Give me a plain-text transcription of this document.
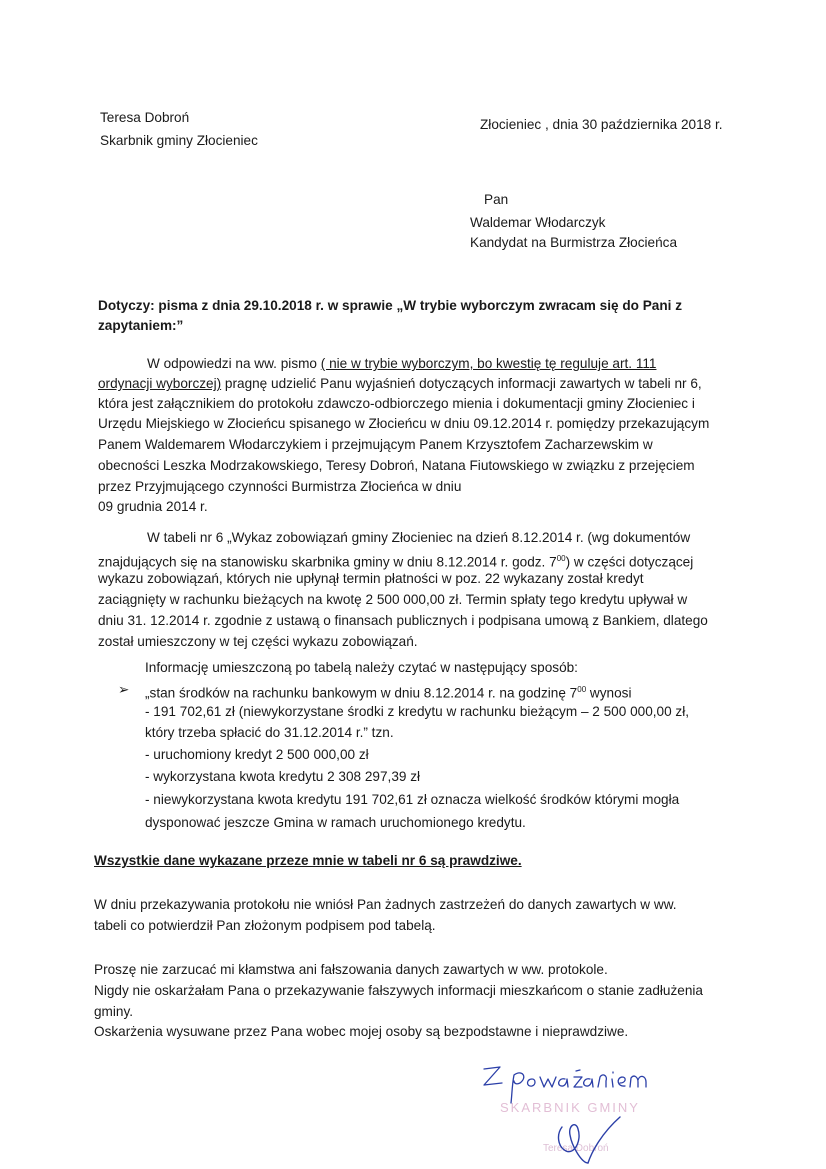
Teresa Dobroń
Skarbnik gminy Złocieniec
Złocieniec , dnia 30 października 2018 r.
Pan
Waldemar Włodarczyk
Kandydat na Burmistrza Złocieńca
Dotyczy: pisma z dnia 29.10.2018 r. w sprawie „W trybie wyborczym zwracam się do Pani z
zapytaniem:”
W odpowiedzi na ww. pismo ( nie w trybie wyborczym, bo kwestię tę reguluje art. 111
ordynacji wyborczej) pragnę udzielić Panu wyjaśnień dotyczących informacji zawartych w tabeli nr 6,
która jest załącznikiem do protokołu zdawczo-odbiorczego mienia i dokumentacji gminy Złocieniec i
Urzędu Miejskiego w Złocieńcu spisanego w Złocieńcu w dniu 09.12.2014 r. pomiędzy przekazującym
Panem Waldemarem Włodarczykiem i przejmującym Panem Krzysztofem Zacharzewskim w
obecności Leszka Modrzakowskiego, Teresy Dobroń, Natana Fiutowskiego w związku z przejęciem
przez Przyjmującego czynności Burmistrza Złocieńca w dniu
09 grudnia 2014 r.
W tabeli nr 6 „Wykaz zobowiązań gminy Złocieniec na dzień 8.12.2014 r. (wg dokumentów
znajdujących się na stanowisku skarbnika gminy w dniu 8.12.2014 r. godz. $7^{00}$) w części dotyczącej
wykazu zobowiązań, których nie upłynął termin płatności w poz. 22 wykazany został kredyt
zaciągnięty w rachunku bieżących na kwotę 2 500 000,00 zł. Termin spłaty tego kredytu upływał w
dniu 31. 12.2014 r. zgodnie z ustawą o finansach publicznych i podpisana umową z Bankiem, dlatego
został umieszczony w tej części wykazu zobowiązań.
Informację umieszczoną po tabelą należy czytać w następujący sposób:
➢ „stan środków na rachunku bankowym w dniu 8.12.2014 r. na godzinę $7^{00}$ wynosi
- 191 702,61 zł (niewykorzystane środki z kredytu w rachunku bieżącym – 2 500 000,00 zł,
który trzeba spłacić do 31.12.2014 r.” tzn.
- uruchomiony kredyt 2 500 000,00 zł
- wykorzystana kwota kredytu 2 308 297,39 zł
- niewykorzystana kwota kredytu 191 702,61 zł oznacza wielkość środków którymi mogła
dysponować jeszcze Gmina w ramach uruchomionego kredytu.
Wszystkie dane wykazane przeze mnie w tabeli nr 6 są prawdziwe.
W dniu przekazywania protokołu nie wniósł Pan żadnych zastrzeżeń do danych zawartych w ww.
tabeli co potwierdził Pan złożonym podpisem pod tabelą.
Proszę nie zarzucać mi kłamstwa ani fałszowania danych zawartych w ww. protokole.
Nigdy nie oskarżałam Pana o przekazywanie fałszywych informacji mieszkańcom o stanie zadłużenia
gminy.
Oskarżenia wysuwane przez Pana wobec mojej osoby są bezpodstawne i nieprawdziwe.
SKARBNIK GMINY
Teresa Dobroń
